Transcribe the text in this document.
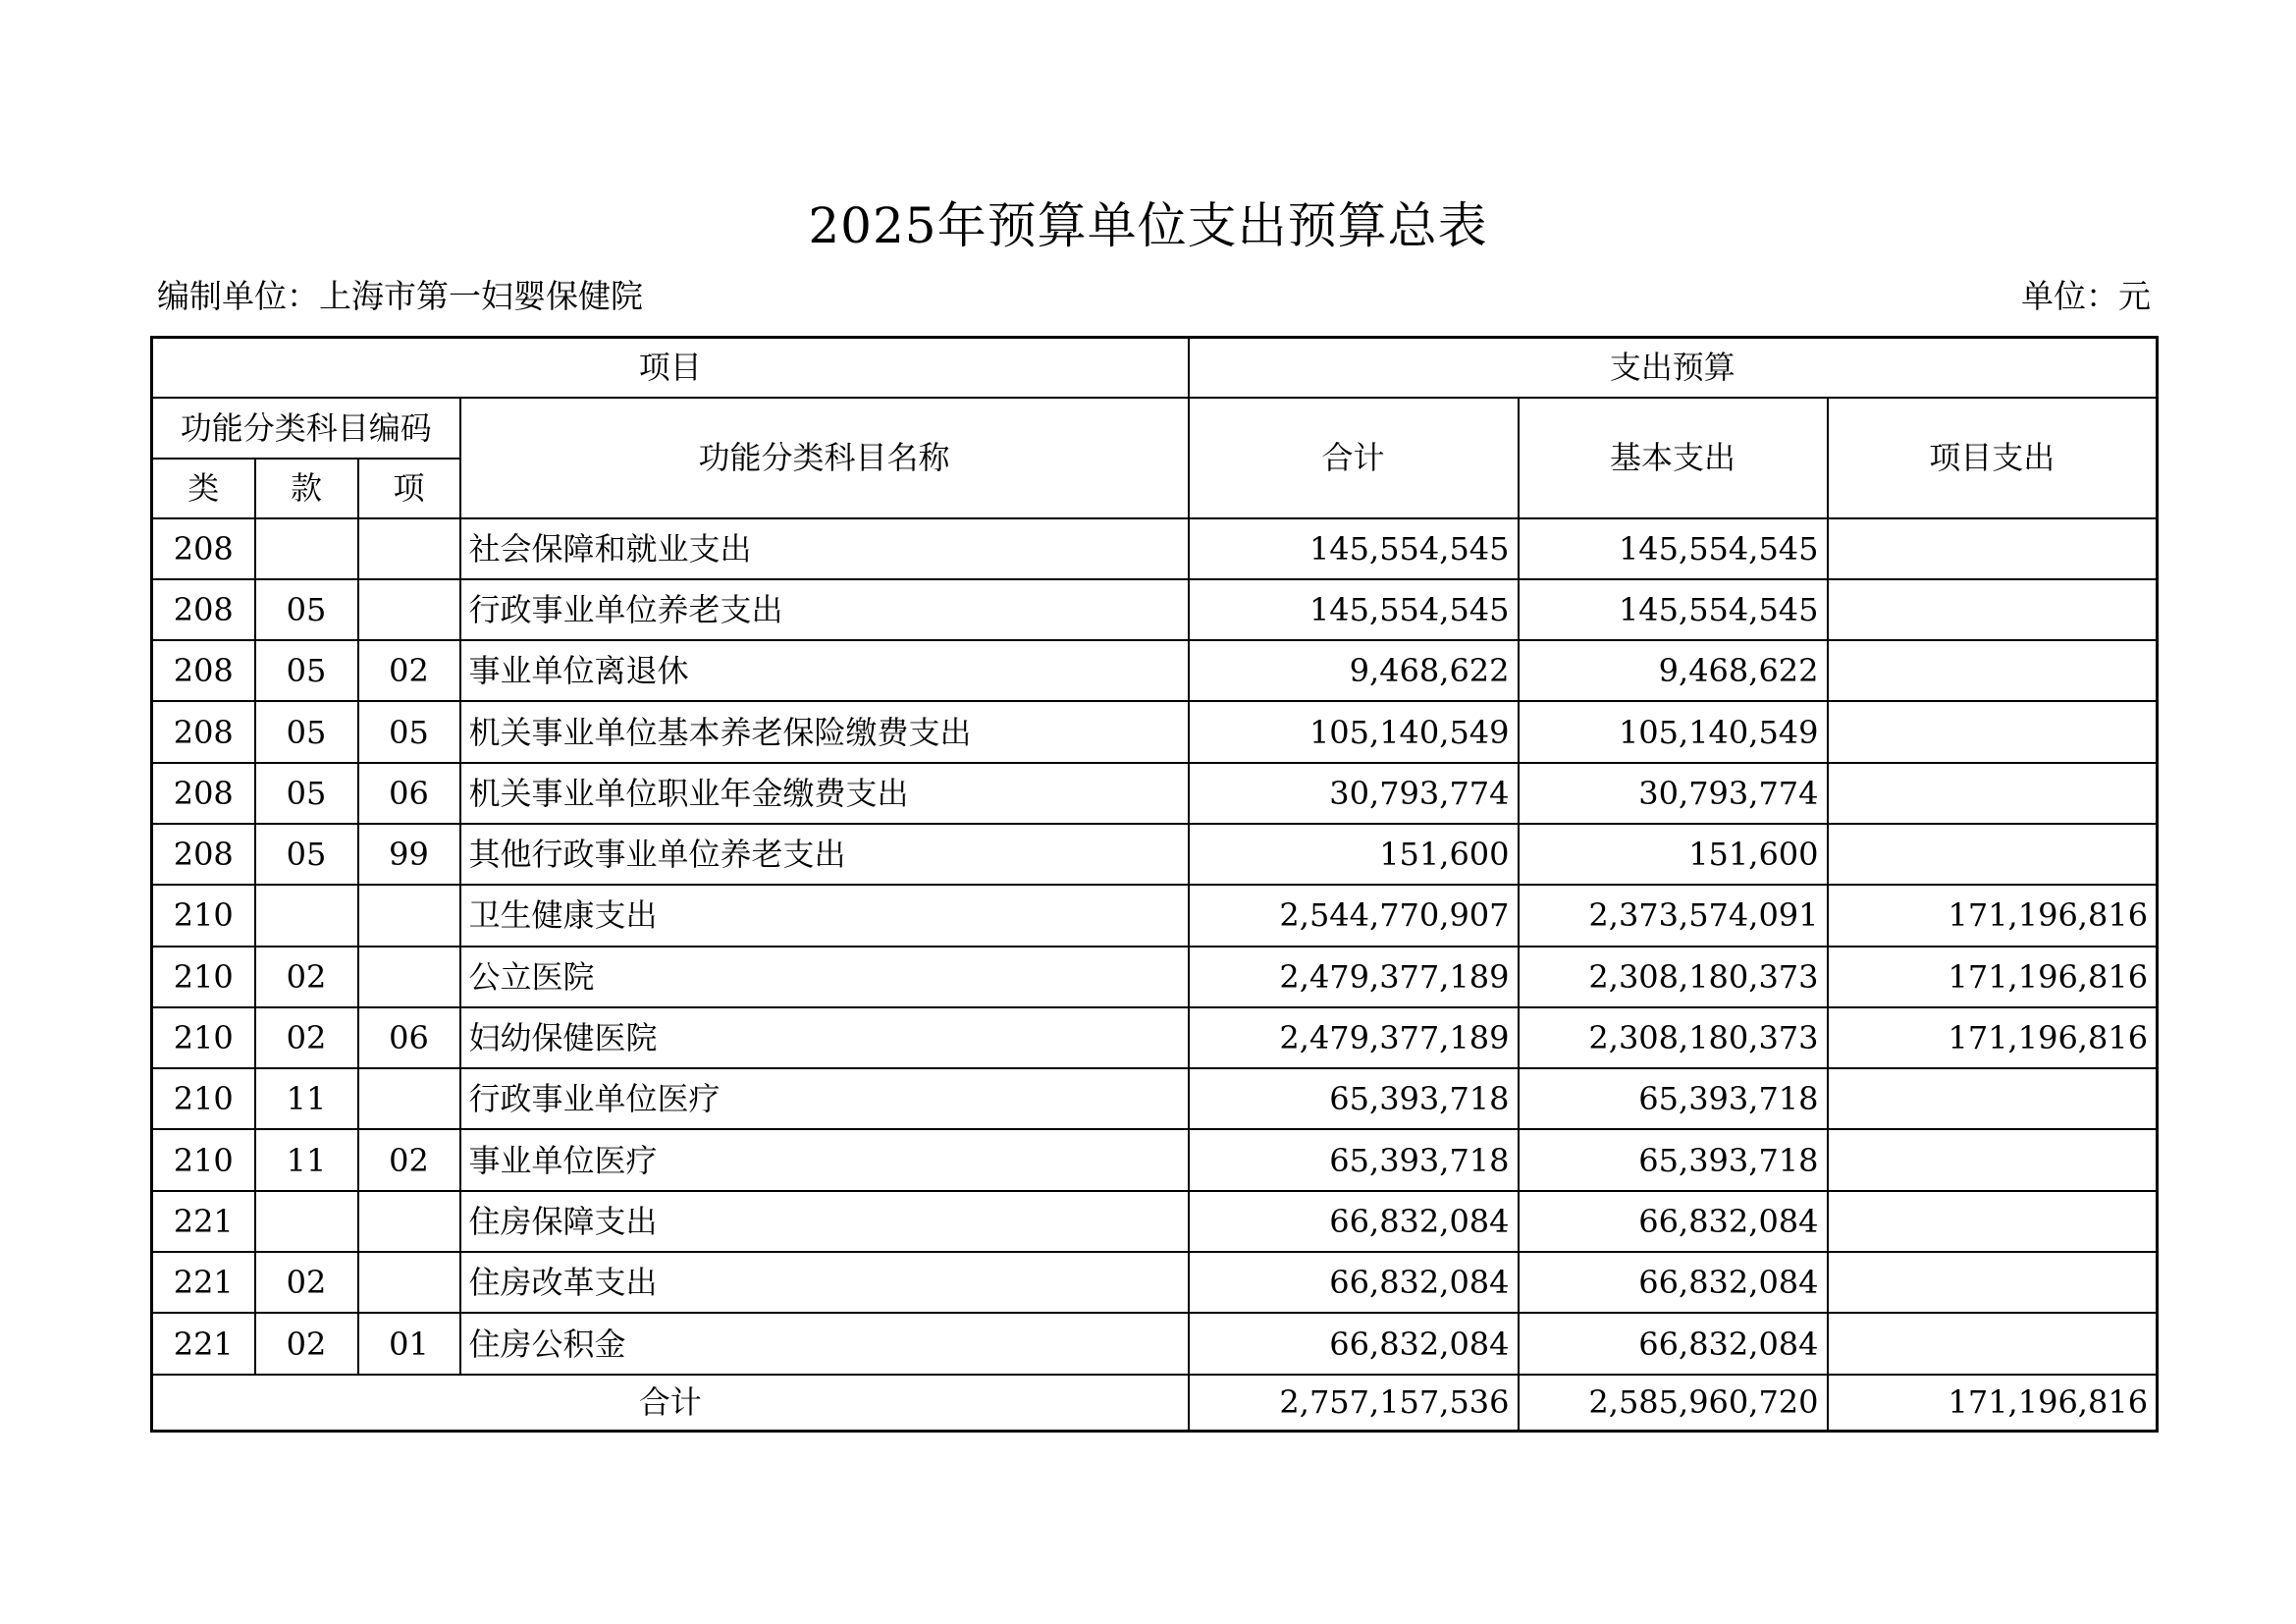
2025年预算单位支出预算总表
编制单位：上海市第一妇婴保健院	单位：元
项目				支出预算		
功能分类科目编码			功能分类科目名称	合计	基本支出	项目支出
类	款	项				
208			社会保障和就业支出	145,554,545	145,554,545	
208	05		行政事业单位养老支出	145,554,545	145,554,545	
208	05	02	事业单位离退休	9,468,622	9,468,622	
208	05	05	机关事业单位基本养老保险缴费支出	105,140,549	105,140,549	
208	05	06	机关事业单位职业年金缴费支出	30,793,774	30,793,774	
208	05	99	其他行政事业单位养老支出	151,600	151,600	
210			卫生健康支出	2,544,770,907	2,373,574,091	171,196,816
210	02		公立医院	2,479,377,189	2,308,180,373	171,196,816
210	02	06	妇幼保健医院	2,479,377,189	2,308,180,373	171,196,816
210	11		行政事业单位医疗	65,393,718	65,393,718	
210	11	02	事业单位医疗	65,393,718	65,393,718	
221			住房保障支出	66,832,084	66,832,084	
221	02		住房改革支出	66,832,084	66,832,084	
221	02	01	住房公积金	66,832,084	66,832,084	
合计				2,757,157,536	2,585,960,720	171,196,816
